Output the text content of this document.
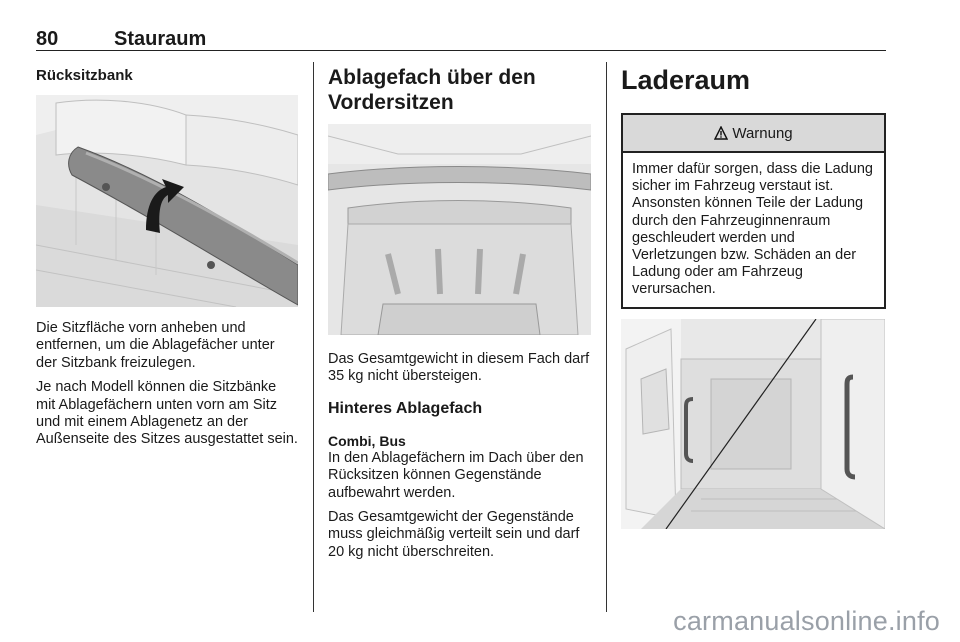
80	Stauraum
Rücksitzbank

Die Sitzfläche vorn anheben und entfernen, um die Ablagefächer unter der Sitzbank freizulegen.

Je nach Modell können die Sitzbänke mit Ablagefächern unten vorn am Sitz und mit einem Ablagenetz an der Außenseite des Sitzes ausgestattet sein.

Ablagefach über den Vordersitzen

Das Gesamtgewicht in diesem Fach darf 35 kg nicht übersteigen.

Hinteres Ablagefach
Combi, Bus

In den Ablagefächern im Dach über den Rücksitzen können Gegenstände aufbewahrt werden.

Das Gesamtgewicht der Gegenstände muss gleichmäßig verteilt sein und darf 20 kg nicht überschreiten.

Laderaum
Warnung

Immer dafür sorgen, dass die Ladung sicher im Fahrzeug verstaut ist. Ansonsten können Teile der Ladung durch den Fahrzeuginnenraum geschleudert werden und Verletzungen bzw. Schäden an der Ladung oder am Fahrzeug verursachen.

carmanualsonline.info
